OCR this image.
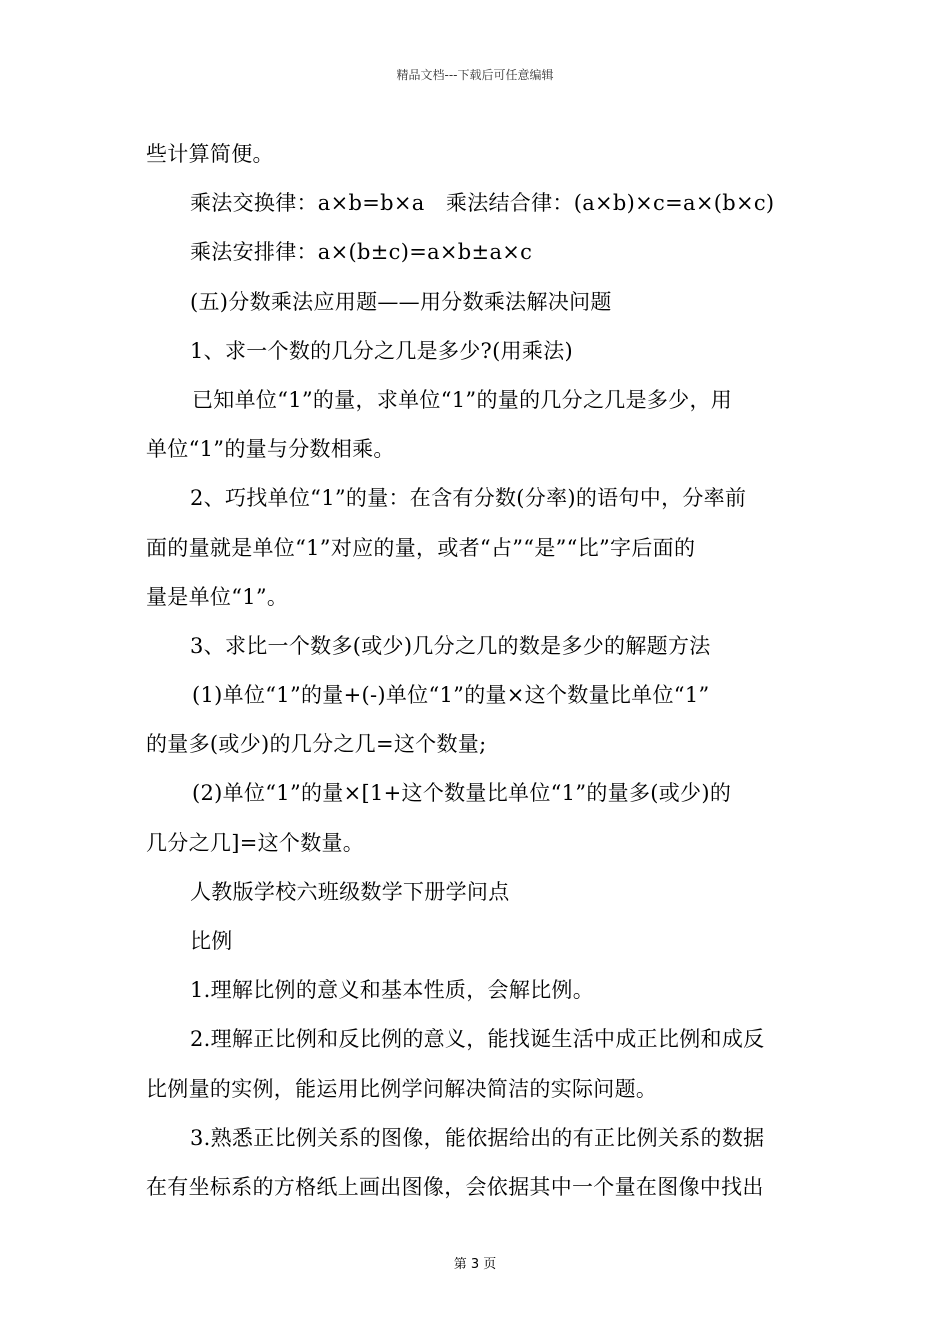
精品文档---下载后可任意编辑
些计算简便。
乘法交换律：a×b=b×a　乘法结合律：(a×b)×c=a×(b×c)
乘法安排律：a×(b±c)=a×b±a×c
(五)分数乘法应用题——用分数乘法解决问题
1、求一个数的几分之几是多少?(用乘法)
已知单位“1”的量，求单位“1”的量的几分之几是多少，用
单位“1”的量与分数相乘。
2、巧找单位“1”的量：在含有分数(分率)的语句中，分率前
面的量就是单位“1”对应的量，或者“占”“是”“比”字后面的
量是单位“1”。
3、求比一个数多(或少)几分之几的数是多少的解题方法
(1)单位“1”的量+(-)单位“1”的量×这个数量比单位“1”
的量多(或少)的几分之几=这个数量;
(2)单位“1”的量×[1+这个数量比单位“1”的量多(或少)的
几分之几]=这个数量。
人教版学校六班级数学下册学问点
比例
1.理解比例的意义和基本性质，会解比例。
2.理解正比例和反比例的意义，能找诞生活中成正比例和成反
比例量的实例，能运用比例学问解决简洁的实际问题。
3.熟悉正比例关系的图像，能依据给出的有正比例关系的数据
在有坐标系的方格纸上画出图像，会依据其中一个量在图像中找出
第 3 页
